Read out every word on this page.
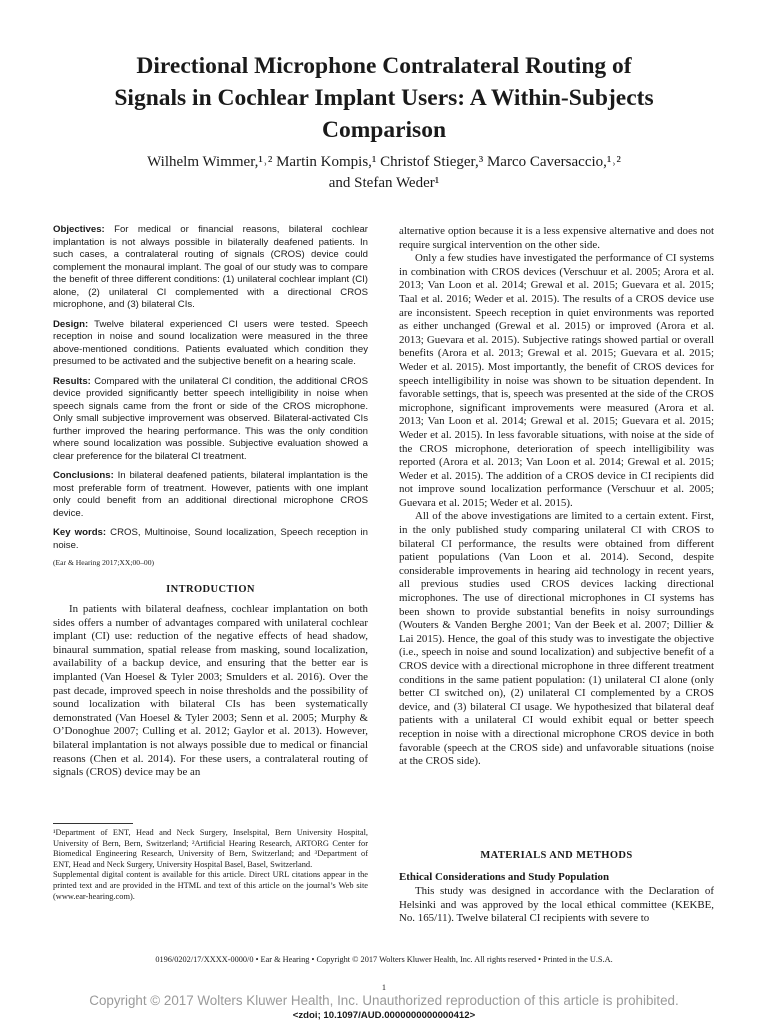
Directional Microphone Contralateral Routing of
Signals in Cochlear Implant Users: A Within-Subjects
Comparison
Wilhelm Wimmer,¹˒² Martin Kompis,¹ Christof Stieger,³ Marco Caversaccio,¹˒²
and Stefan Weder¹
Objectives: For medical or financial reasons, bilateral cochlear implantation is not always possible in bilaterally deafened patients. In such cases, a contralateral routing of signals (CROS) device could complement the monaural implant. The goal of our study was to compare the benefit of three different conditions: (1) unilateral cochlear implant (CI) alone, (2) unilateral CI complemented with a directional CROS microphone, and (3) bilateral CIs.
Design: Twelve bilateral experienced CI users were tested. Speech reception in noise and sound localization were measured in the three above-mentioned conditions. Patients evaluated which condition they presumed to be activated and the subjective benefit on a hearing scale.
Results: Compared with the unilateral CI condition, the additional CROS device provided significantly better speech intelligibility in noise when speech signals came from the front or side of the CROS microphone. Only small subjective improvement was observed. Bilateral-activated CIs further improved the hearing performance. This was the only condition where sound localization was possible. Subjective evaluation showed a clear preference for the bilateral CI treatment.
Conclusions: In bilateral deafened patients, bilateral implantation is the most preferable form of treatment. However, patients with one implant only could benefit from an additional directional microphone CROS device.
Key words: CROS, Multinoise, Sound localization, Speech reception in noise.
(Ear & Hearing 2017;XX;00–00)
INTRODUCTION

In patients with bilateral deafness, cochlear implantation on both sides offers a number of advantages compared with unilateral cochlear implant (CI) use: reduction of the negative effects of head shadow, binaural summation, spatial release from masking, sound localization, availability of a backup device, and ensuring that the better ear is implanted (Van Hoesel & Tyler 2003; Smulders et al. 2016). Over the past decade, improved speech in noise thresholds and the possibility of sound localization with bilateral CIs has been systematically demonstrated (Van Hoesel & Tyler 2003; Senn et al. 2005; Murphy & O’Donoghue 2007; Culling et al. 2012; Gaylor et al. 2013). However, bilateral implantation is not always possible due to medical or financial reasons (Chen et al. 2014). For these users, a contralateral routing of signals (CROS) device may be an

¹Department of ENT, Head and Neck Surgery, Inselspital, Bern University Hospital, University of Bern, Bern, Switzerland; ²Artificial Hearing Research, ARTORG Center for Biomedical Engineering Research, University of Bern, Switzerland; and ³Department of ENT, Head and Neck Surgery, University Hospital Basel, Basel, Switzerland.

Supplemental digital content is available for this article. Direct URL citations appear in the printed text and are provided in the HTML and text of this article on the journal’s Web site (www.ear-hearing.com).

alternative option because it is a less expensive alternative and does not require surgical intervention on the other side.

Only a few studies have investigated the performance of CI systems in combination with CROS devices (Verschuur et al. 2005; Arora et al. 2013; Van Loon et al. 2014; Grewal et al. 2015; Guevara et al. 2015; Taal et al. 2016; Weder et al. 2015). The results of a CROS device use are inconsistent. Speech reception in quiet environments was reported as either unchanged (Grewal et al. 2015) or improved (Arora et al. 2013; Guevara et al. 2015). Subjective ratings showed partial or overall benefits (Arora et al. 2013; Grewal et al. 2015; Guevara et al. 2015; Weder et al. 2015). Most importantly, the benefit of CROS devices for speech intelligibility in noise was shown to be situation dependent. In favorable settings, that is, speech was presented at the side of the CROS microphone, significant improvements were measured (Arora et al. 2013; Van Loon et al. 2014; Grewal et al. 2015; Guevara et al. 2015; Weder et al. 2015). In less favorable situations, with noise at the side of the CROS microphone, deterioration of speech intelligibility was reported (Arora et al. 2013; Van Loon et al. 2014; Grewal et al. 2015; Weder et al. 2015). The addition of a CROS device in CI recipients did not improve sound localization performance (Verschuur et al. 2005; Guevara et al. 2015; Weder et al. 2015).

All of the above investigations are limited to a certain extent. First, in the only published study comparing unilateral CI with CROS to bilateral CI performance, the results were obtained from different patient populations (Van Loon et al. 2014). Second, despite considerable improvements in hearing aid technology in recent years, all previous studies used CROS devices lacking directional microphones. The use of directional microphones in CI systems has been shown to provide substantial benefits in noisy surroundings (Wouters & Vanden Berghe 2001; Van der Beek et al. 2007; Dillier & Lai 2015). Hence, the goal of this study was to investigate the objective (i.e., speech in noise and sound localization) and subjective benefit of a CROS device with a directional microphone in three different treatment conditions in the same patient population: (1) unilateral CI alone (only better CI switched on), (2) unilateral CI complemented by a CROS device, and (3) bilateral CI usage. We hypothesized that bilateral deaf patients with a unilateral CI would exhibit equal or better speech reception in noise with a directional microphone CROS device in both favorable (speech at the CROS side) and unfavorable situations (noise at the CROS side).

MATERIALS AND METHODS
Ethical Considerations and Study Population

This study was designed in accordance with the Declaration of Helsinki and was approved by the local ethical committee (KEKBE, No. 165/11). Twelve bilateral CI recipients with severe to

0196/0202/17/XXXX-0000/0 • Ear & Hearing • Copyright © 2017 Wolters Kluwer Health, Inc. All rights reserved • Printed in the U.S.A.
1
Copyright © 2017 Wolters Kluwer Health, Inc. Unauthorized reproduction of this article is prohibited.
<zdoi; 10.1097/AUD.0000000000000412>
